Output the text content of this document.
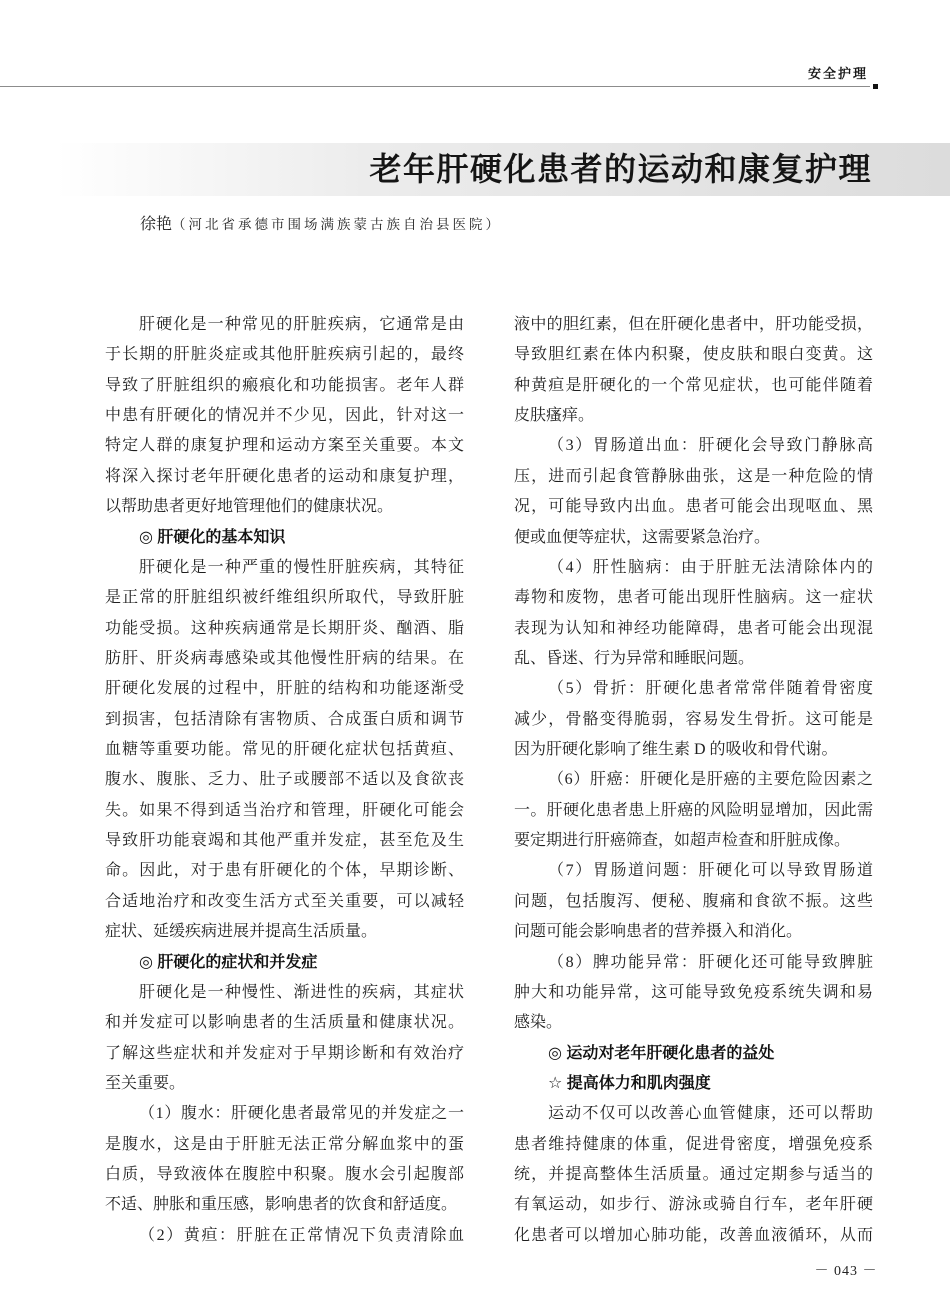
安全护理
老年肝硬化患者的运动和康复护理
徐艳（河北省承德市围场满族蒙古族自治县医院）
肝硬化是一种常见的肝脏疾病，它通常是由
于长期的肝脏炎症或其他肝脏疾病引起的，最终
导致了肝脏组织的瘢痕化和功能损害。老年人群
中患有肝硬化的情况并不少见，因此，针对这一
特定人群的康复护理和运动方案至关重要。本文
将深入探讨老年肝硬化患者的运动和康复护理，
以帮助患者更好地管理他们的健康状况。
◎ 肝硬化的基本知识
肝硬化是一种严重的慢性肝脏疾病，其特征
是正常的肝脏组织被纤维组织所取代，导致肝脏
功能受损。这种疾病通常是长期肝炎、酗酒、脂
肪肝、肝炎病毒感染或其他慢性肝病的结果。在
肝硬化发展的过程中，肝脏的结构和功能逐渐受
到损害，包括清除有害物质、合成蛋白质和调节
血糖等重要功能。常见的肝硬化症状包括黄疸、
腹水、腹胀、乏力、肚子或腰部不适以及食欲丧
失。如果不得到适当治疗和管理，肝硬化可能会
导致肝功能衰竭和其他严重并发症，甚至危及生
命。因此，对于患有肝硬化的个体，早期诊断、
合适地治疗和改变生活方式至关重要，可以减轻
症状、延缓疾病进展并提高生活质量。
◎ 肝硬化的症状和并发症
肝硬化是一种慢性、渐进性的疾病，其症状
和并发症可以影响患者的生活质量和健康状况。
了解这些症状和并发症对于早期诊断和有效治疗
至关重要。
（1）腹水：肝硬化患者最常见的并发症之一
是腹水，这是由于肝脏无法正常分解血浆中的蛋
白质，导致液体在腹腔中积聚。腹水会引起腹部
不适、肿胀和重压感，影响患者的饮食和舒适度。
（2）黄疸：肝脏在正常情况下负责清除血
液中的胆红素，但在肝硬化患者中，肝功能受损，
导致胆红素在体内积聚，使皮肤和眼白变黄。这
种黄疸是肝硬化的一个常见症状，也可能伴随着
皮肤瘙痒。
（3）胃肠道出血：肝硬化会导致门静脉高
压，进而引起食管静脉曲张，这是一种危险的情
况，可能导致内出血。患者可能会出现呕血、黑
便或血便等症状，这需要紧急治疗。
（4）肝性脑病：由于肝脏无法清除体内的
毒物和废物，患者可能出现肝性脑病。这一症状
表现为认知和神经功能障碍，患者可能会出现混
乱、昏迷、行为异常和睡眠问题。
（5）骨折：肝硬化患者常常伴随着骨密度
减少，骨骼变得脆弱，容易发生骨折。这可能是
因为肝硬化影响了维生素 D 的吸收和骨代谢。
（6）肝癌：肝硬化是肝癌的主要危险因素之
一。肝硬化患者患上肝癌的风险明显增加，因此需
要定期进行肝癌筛查，如超声检查和肝脏成像。
（7）胃肠道问题：肝硬化可以导致胃肠道
问题，包括腹泻、便秘、腹痛和食欲不振。这些
问题可能会影响患者的营养摄入和消化。
（8）脾功能异常：肝硬化还可能导致脾脏
肿大和功能异常，这可能导致免疫系统失调和易
感染。
◎ 运动对老年肝硬化患者的益处
☆ 提高体力和肌肉强度
运动不仅可以改善心血管健康，还可以帮助
患者维持健康的体重，促进骨密度，增强免疫系
统，并提高整体生活质量。通过定期参与适当的
有氧运动，如步行、游泳或骑自行车，老年肝硬
化患者可以增加心肺功能，改善血液循环，从而
－ 043 －
